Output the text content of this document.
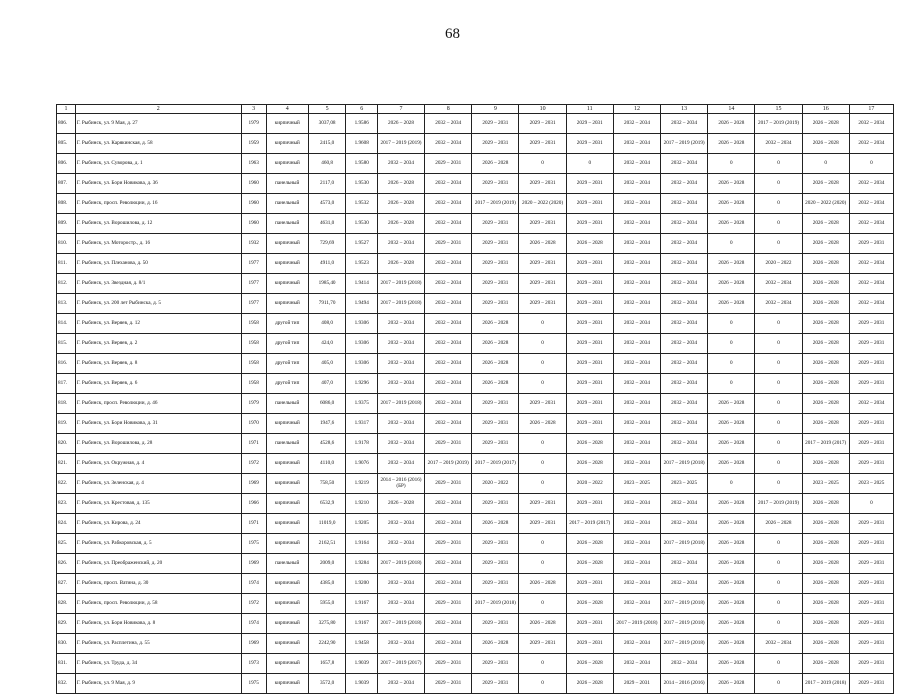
68
1	2	3	4	5	6	7	8	9	10	11	12	13	14	15	16	17
806.	Г. Рыбинск, ул. 9 Мая, д. 27	1979	кирпичный	3037,08	1.9586	2026 – 2028	2032 – 2034	2029 – 2031	2029 – 2031	2029 – 2031	2032 – 2034	2032 – 2034	2026 – 2028	2017 – 2019 (2019)	2026 – 2028	2032 – 2034
805.	Г. Рыбинск, ул. Карякинская, д. 58	1959	кирпичный	2415,0	1.9608	2017 – 2019 (2019)	2032 – 2034	2029 – 2031	2029 – 2031	2029 – 2031	2032 – 2034	2017 – 2019 (2019)	2026 – 2028	2032 – 2034	2026 – 2028	2032 – 2034
806.	Г. Рыбинск, ул. Суворова, д. 1	1963	кирпичный	460,8	1.9580	2032 – 2034	2029 – 2031	2026 – 2028	0	0	2032 – 2034	2032 – 2034	0	0	0	0
807.	Г. Рыбинск, ул. Бори Новикова, д. 36	1960	панельный	2117,0	1.9530	2026 – 2028	2032 – 2034	2029 – 2031	2029 – 2031	2029 – 2031	2032 – 2034	2032 – 2034	2026 – 2028	0	2026 – 2028	2032 – 2034
808.	Г. Рыбинск, просп. Революции, д. 16	1960	панельный	4573,0	1.9532	2026 – 2028	2032 – 2034	2017 – 2019 (2019)	2020 – 2022 (2020)	2029 – 2031	2032 – 2034	2032 – 2034	2026 – 2028	0	2020 – 2022 (2020)	2032 – 2034
809.	Г. Рыбинск, ул. Ворошилова, д. 12	1960	панельный	4631,0	1.9530	2026 – 2028	2032 – 2034	2029 – 2031	2029 – 2031	2029 – 2031	2032 – 2034	2032 – 2034	2026 – 2028	0	2026 – 2028	2032 – 2034
810.	Г. Рыбинск, ул. Моторостр., д. 16	1932	кирпичный	729,69	1.9527	2032 – 2034	2029 – 2031	2029 – 2031	2026 – 2028	2026 – 2028	2032 – 2034	2032 – 2034	0	0	2026 – 2028	2029 – 2031
811.	Г. Рыбинск, ул. Плеханова, д. 50	1977	кирпичный	4911,0	1.9523	2026 – 2028	2032 – 2034	2029 – 2031	2029 – 2031	2029 – 2031	2032 – 2034	2032 – 2034	2026 – 2028	2020 – 2022	2026 – 2028	2032 – 2034
812.	Г. Рыбинск, ул. Звездная, д. 8/1	1977	кирпичный	1985,40	1.9414	2017 – 2019 (2018)	2032 – 2034	2029 – 2031	2029 – 2031	2029 – 2031	2032 – 2034	2032 – 2034	2026 – 2028	2032 – 2034	2026 – 2028	2032 – 2034
813.	Г. Рыбинск, ул. 200 лет Рыбинска, д. 5	1977	кирпичный	7911,70	1.9494	2017 – 2019 (2018)	2032 – 2034	2029 – 2031	2029 – 2031	2029 – 2031	2032 – 2034	2032 – 2034	2026 – 2028	2032 – 2034	2026 – 2028	2032 – 2034
814.	Г. Рыбинск, ул. Веряев, д. 12	1958	другой тип	408,0	1.9306	2032 – 2034	2032 – 2034	2026 – 2028	0	2029 – 2031	2032 – 2034	2032 – 2034	0	0	2026 – 2028	2029 – 2031
815.	Г. Рыбинск, ул. Веряев, д. 2	1958	другой тип	424,0	1.9306	2032 – 2034	2032 – 2034	2026 – 2028	0	2029 – 2031	2032 – 2034	2032 – 2034	0	0	2026 – 2028	2029 – 2031
816.	Г. Рыбинск, ул. Веряев, д. 8	1958	другой тип	405,0	1.9306	2032 – 2034	2032 – 2034	2026 – 2028	0	2029 – 2031	2032 – 2034	2032 – 2034	0	0	2026 – 2028	2029 – 2031
817.	Г. Рыбинск, ул. Веряев, д. 6	1958	другой тип	407,0	1.9296	2032 – 2034	2032 – 2034	2026 – 2028	0	2029 – 2031	2032 – 2034	2032 – 2034	0	0	2026 – 2028	2029 – 2031
818.	Г. Рыбинск, просп. Революции, д. 46	1979	панельный	6086,0	1.9375	2017 – 2019 (2018)	2032 – 2034	2029 – 2031	2029 – 2031	2029 – 2031	2032 – 2034	2032 – 2034	2026 – 2028	0	2026 – 2028	2032 – 2034
819.	Г. Рыбинск, ул. Бори Новикова, д. 31	1970	кирпичный	1947,6	1.9317	2032 – 2034	2032 – 2034	2029 – 2031	2026 – 2028	2029 – 2031	2032 – 2034	2032 – 2034	2026 – 2028	0	2026 – 2028	2029 – 2031
820.	Г. Рыбинск, ул. Ворошилова, д. 28	1971	панельный	4528,6	1.9178	2032 – 2034	2029 – 2031	2029 – 2031	0	2026 – 2028	2032 – 2034	2032 – 2034	2026 – 2028	0	2017 – 2019 (2017)	2029 – 2031
821.	Г. Рыбинск, ул. Окружная, д. 4	1972	кирпичный	4110,0	1.9076	2032 – 2034	2017 – 2019 (2019)	2017 – 2019 (2017)	0	2026 – 2028	2032 – 2034	2017 – 2019 (2018)	2026 – 2028	0	2026 – 2028	2029 – 2031
822.	Г. Рыбинск, ул. Зеленская, д. 4	1969	кирпичный	758,50	1.9219	2014 – 2016 (2016) (БР)	2029 – 2031	2020 – 2022	0	2020 – 2022	2023 – 2025	2023 – 2025	0	0	2023 – 2025	2023 – 2025
823.	Г. Рыбинск, ул. Крестовая, д. 135	1966	кирпичный	6532,9	1.9210	2026 – 2028	2032 – 2034	2029 – 2031	2029 – 2031	2029 – 2031	2032 – 2034	2032 – 2034	2026 – 2028	2017 – 2019 (2019)	2026 – 2028	0
824.	Г. Рыбинск, ул. Кирова, д. 24	1971	кирпичный	11019,0	1.9205	2032 – 2034	2032 – 2034	2026 – 2028	2029 – 2031	2017 – 2019 (2017)	2032 – 2034	2032 – 2034	2026 – 2028	2026 – 2028	2026 – 2028	2029 – 2031
825.	Г. Рыбинск, ул. Рабкоровская, д. 5	1975	кирпичный	2162,51	1.9164	2032 – 2034	2029 – 2031	2029 – 2031	0	2026 – 2028	2032 – 2034	2017 – 2019 (2018)	2026 – 2028	0	2026 – 2028	2029 – 2031
826.	Г. Рыбинск, ул. Преображенский, д. 20	1969	панельный	2009,0	1.9284	2017 – 2019 (2018)	2032 – 2034	2029 – 2031	0	2026 – 2028	2032 – 2034	2032 – 2034	2026 – 2028	0	2026 – 2028	2029 – 2031
827.	Г. Рыбинск, просп. Ватина, д. 30	1974	кирпичный	4385,0	1.9200	2032 – 2034	2032 – 2034	2029 – 2031	2026 – 2028	2029 – 2031	2032 – 2034	2032 – 2034	2026 – 2028	0	2026 – 2028	2029 – 2031
828.	Г. Рыбинск, просп. Революции, д. 58	1972	кирпичный	5955,0	1.9167	2032 – 2034	2029 – 2031	2017 – 2019 (2018)	0	2026 – 2028	2032 – 2034	2017 – 2019 (2018)	2026 – 2028	0	2026 – 2028	2029 – 2031
829.	Г. Рыбинск, ул. Бори Новикова, д. 8	1974	кирпичный	3275,80	1.9167	2017 – 2019 (2018)	2032 – 2034	2029 – 2031	2026 – 2028	2029 – 2031	2017 – 2019 (2018)	2017 – 2019 (2018)	2026 – 2028	0	2026 – 2028	2029 – 2031
830.	Г. Рыбинск, ул. Расплетина, д. 55	1969	кирпичный	2242,90	1.9458	2032 – 2034	2032 – 2034	2026 – 2028	2029 – 2031	2029 – 2031	2032 – 2034	2017 – 2019 (2018)	2026 – 2028	2032 – 2034	2026 – 2028	2029 – 2031
831.	Г. Рыбинск, ул. Труда, д. 34	1973	кирпичный	1657,8	1.9039	2017 – 2019 (2017)	2029 – 2031	2029 – 2031	0	2026 – 2028	2032 – 2034	2032 – 2034	2026 – 2028	0	2026 – 2028	2029 – 2031
832.	Г. Рыбинск, ул. 9 Мая, д. 9	1975	кирпичный	3572,0	1.9039	2032 – 2034	2029 – 2031	2029 – 2031	0	2026 – 2028	2029 – 2031	2014 – 2016 (2016)	2026 – 2028	0	2017 – 2019 (2018)	2029 – 2031
